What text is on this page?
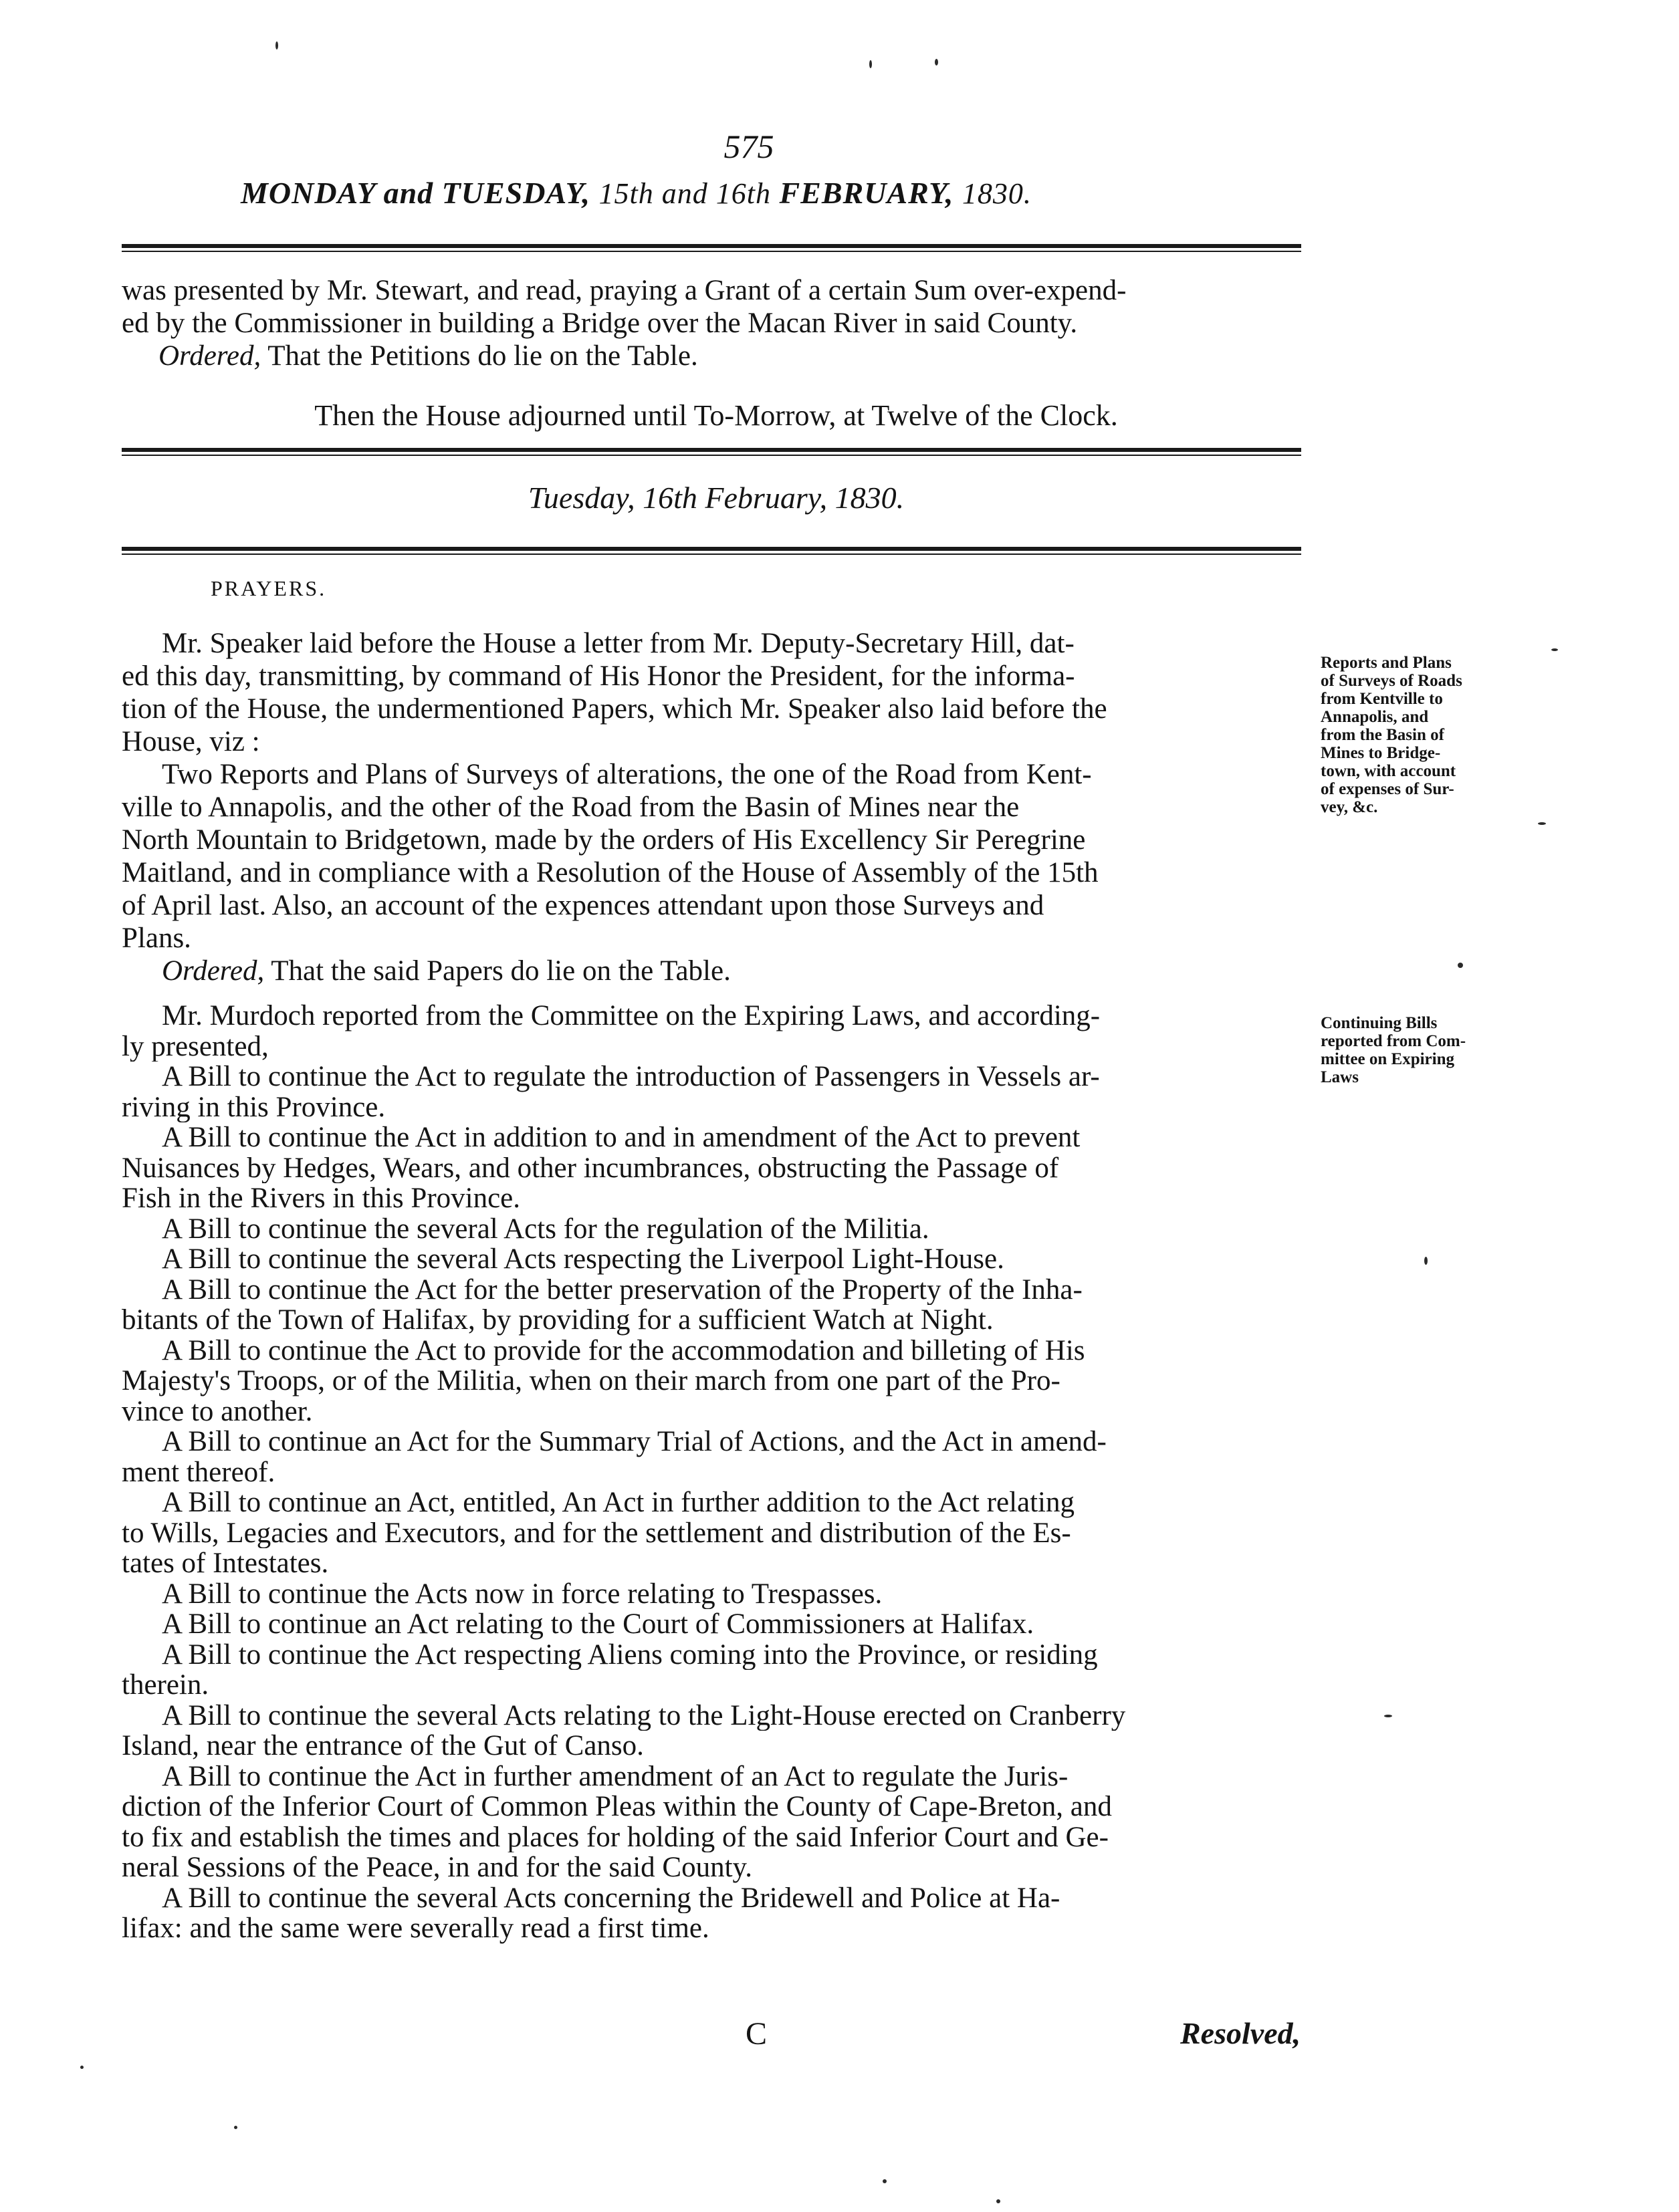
575
MONDAY and TUESDAY, 15th and 16th FEBRUARY, 1830.
was presented by Mr. Stewart, and read, praying a Grant of a certain Sum over-expend-
ed by the Commissioner in building a Bridge over the Macan River in said County.
Ordered, That the Petitions do lie on the Table.
Then the House adjourned until To-Morrow, at Twelve of the Clock.
Tuesday, 16th February, 1830.
PRAYERS.
Mr. Speaker laid before the House a letter from Mr. Deputy-Secretary Hill, dat-
ed this day, transmitting, by command of His Honor the President, for the informa-
tion of the House, the undermentioned Papers, which Mr. Speaker also laid before the
House, viz :
Two Reports and Plans of Surveys of alterations, the one of the Road from Kent-
ville to Annapolis, and the other of the Road from the Basin of Mines near the
North Mountain to Bridgetown, made by the orders of His Excellency Sir Peregrine
Maitland, and in compliance with a Resolution of the House of Assembly of the 15th
of April last. Also, an account of the expences attendant upon those Surveys and
Plans.
Ordered, That the said Papers do lie on the Table.
Reports and Plans
of Surveys of Roads
from Kentville to
Annapolis, and
from the Basin of
Mines to Bridge-
town, with account
of expenses of Sur-
vey, &c.
Mr. Murdoch reported from the Committee on the Expiring Laws, and according-
ly presented,
A Bill to continue the Act to regulate the introduction of Passengers in Vessels ar-
riving in this Province.
A Bill to continue the Act in addition to and in amendment of the Act to prevent
Nuisances by Hedges, Wears, and other incumbrances, obstructing the Passage of
Fish in the Rivers in this Province.
A Bill to continue the several Acts for the regulation of the Militia.
A Bill to continue the several Acts respecting the Liverpool Light-House.
A Bill to continue the Act for the better preservation of the Property of the Inha-
bitants of the Town of Halifax, by providing for a sufficient Watch at Night.
A Bill to continue the Act to provide for the accommodation and billeting of His
Majesty's Troops, or of the Militia, when on their march from one part of the Pro-
vince to another.
A Bill to continue an Act for the Summary Trial of Actions, and the Act in amend-
ment thereof.
A Bill to continue an Act, entitled, An Act in further addition to the Act relating
to Wills, Legacies and Executors, and for the settlement and distribution of the Es-
tates of Intestates.
A Bill to continue the Acts now in force relating to Trespasses.
A Bill to continue an Act relating to the Court of Commissioners at Halifax.
A Bill to continue the Act respecting Aliens coming into the Province, or residing
therein.
A Bill to continue the several Acts relating to the Light-House erected on Cranberry
Island, near the entrance of the Gut of Canso.
A Bill to continue the Act in further amendment of an Act to regulate the Juris-
diction of the Inferior Court of Common Pleas within the County of Cape-Breton, and
to fix and establish the times and places for holding of the said Inferior Court and Ge-
neral Sessions of the Peace, in and for the said County.
A Bill to continue the several Acts concerning the Bridewell and Police at Ha-
lifax: and the same were severally read a first time.
Continuing Bills
reported from Com-
mittee on Expiring
Laws
C	Resolved,
